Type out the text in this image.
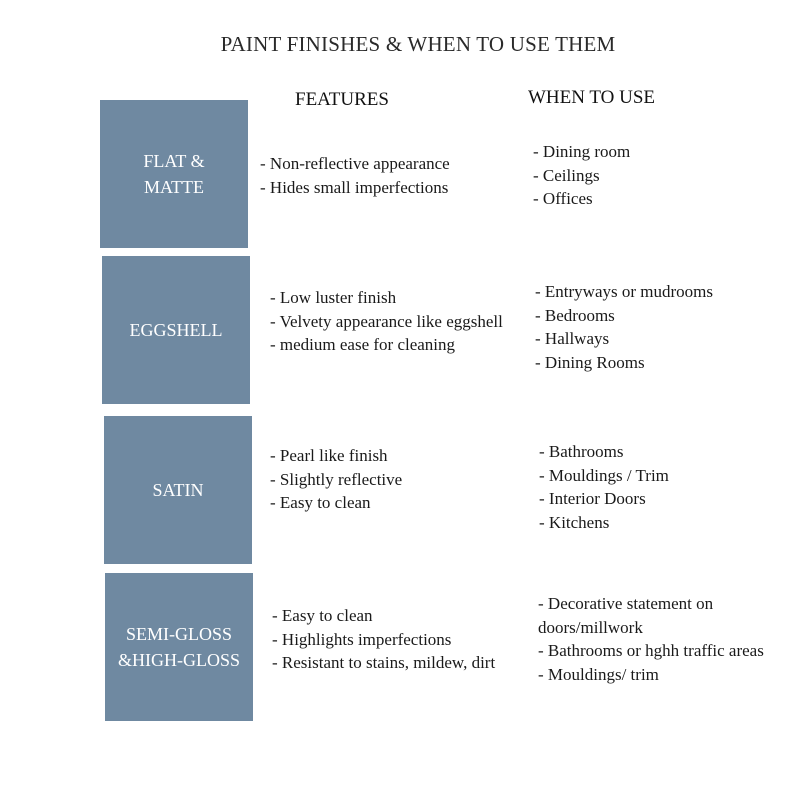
PAINT FINISHES & WHEN TO USE THEM
FEATURES	WHEN TO USE
FLAT &
MATTE
- Non-reflective appearance
- Hides small imperfections
- Dining room
- Ceilings
- Offices
EGGSHELL
- Low luster finish
- Velvety appearance like eggshell
- medium ease for cleaning
- Entryways or mudrooms
- Bedrooms
- Hallways
- Dining Rooms
SATIN
- Pearl like finish
- Slightly reflective
- Easy to clean
- Bathrooms
- Mouldings / Trim
- Interior Doors
- Kitchens
SEMI-GLOSS
&HIGH-GLOSS
- Easy to clean
- Highlights imperfections
- Resistant to stains, mildew, dirt
- Decorative statement on
doors/millwork
- Bathrooms or hghh traffic areas
- Mouldings/ trim
